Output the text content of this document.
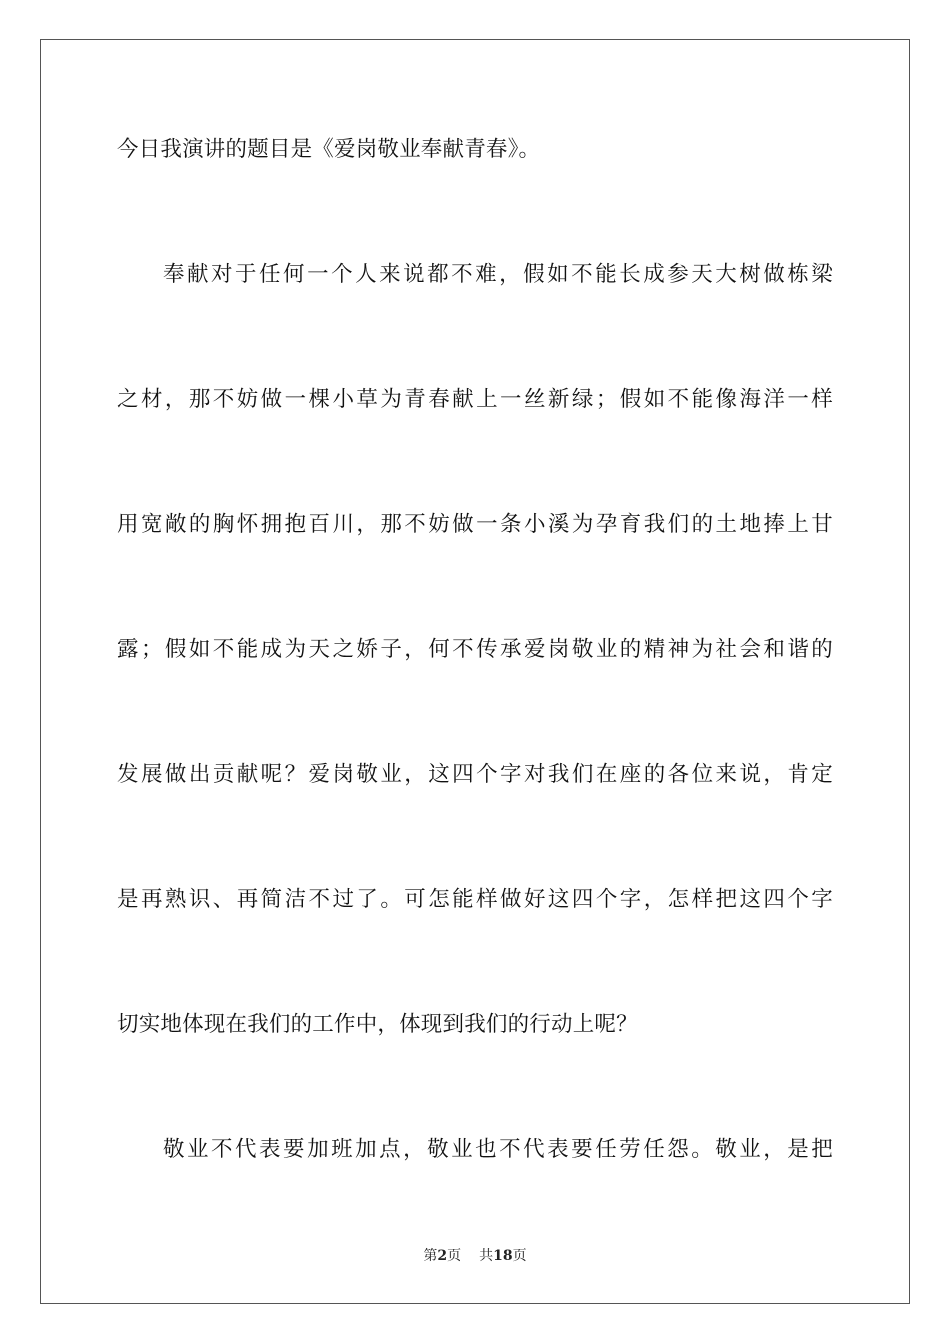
今日我演讲的题目是《爱岗敬业奉献青春》。
奉献对于任何一个人来说都不难，假如不能长成参天大树做栋梁
之材，那不妨做一棵小草为青春献上一丝新绿；假如不能像海洋一样
用宽敞的胸怀拥抱百川，那不妨做一条小溪为孕育我们的土地捧上甘
露；假如不能成为天之娇子，何不传承爱岗敬业的精神为社会和谐的
发展做出贡献呢？爱岗敬业，这四个字对我们在座的各位来说，肯定
是再熟识、再简洁不过了。可怎能样做好这四个字，怎样把这四个字
切实地体现在我们的工作中，体现到我们的行动上呢？
敬业不代表要加班加点，敬业也不代表要任劳任怨。敬业，是把
第2页 共18页
